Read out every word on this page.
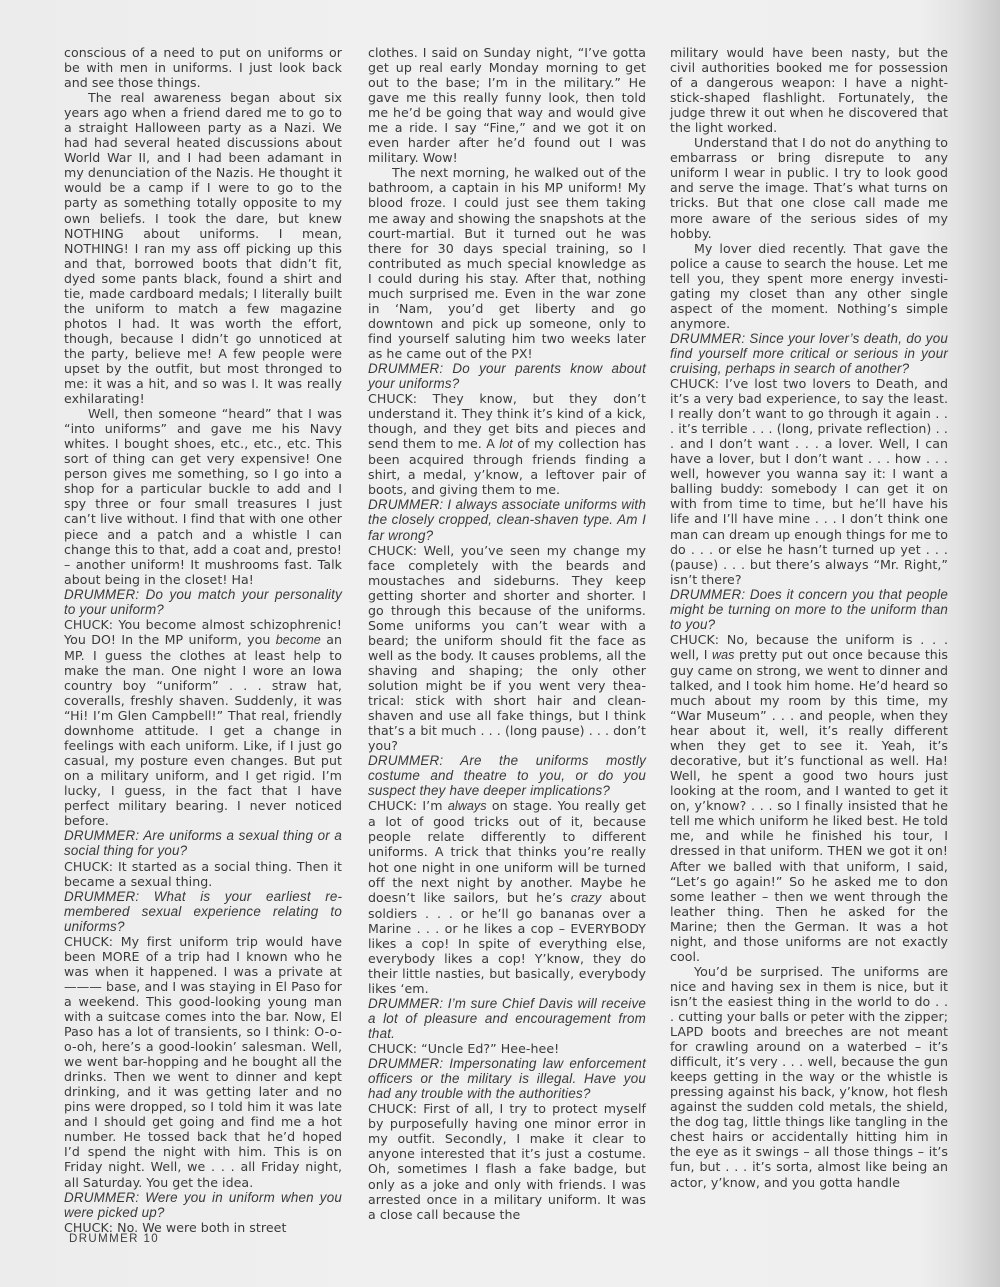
conscious of a need to put on uniforms or be with men in uniforms. I just look back and see those things.

The real awareness began about six years ago when a friend dared me to go to a straight Halloween party as a Nazi. We had had several heated discussions about World War II, and I had been adamant in my denunciation of the Nazis. He thought it would be a camp if I were to go to the party as something totally opposite to my own beliefs. I took the dare, but knew NOTHING about uniforms. I mean, NOTHING! I ran my ass off picking up this and that, borrowed boots that didn’t fit, dyed some pants black, found a shirt and tie, made cardboard medals; I literally built the uniform to match a few magazine photos I had. It was worth the effort, though, because I didn’t go unnoticed at the party, believe me! A few people were upset by the outfit, but most thronged to me: it was a hit, and so was I. It was really exhilarating!

Well, then someone “heard” that I was “into uniforms” and gave me his Navy whites. I bought shoes, etc., etc., etc. This sort of thing can get very expensive! One person gives me something, so I go into a shop for a particular buckle to add and I spy three or four small treasures I just can’t live without. I find that with one other piece and a patch and a whistle I can change this to that, add a coat and, presto! – another uniform! It mushrooms fast. Talk about being in the closet! Ha!

DRUMMER: Do you match your personality to your uniform?

CHUCK: You become almost schizophrenic! You DO! In the MP uniform, you become an MP. I guess the clothes at least help to make the man. One night I wore an Iowa country boy “uniform” . . . straw hat, coveralls, freshly shaven. Suddenly, it was “Hi! I’m Glen Campbell!” That real, friendly downhome attitude. I get a change in feelings with each uniform. Like, if I just go casual, my posture even changes. But put on a military uniform, and I get rigid. I’m lucky, I guess, in the fact that I have perfect military bearing. I never noticed before.

DRUMMER: Are uniforms a sexual thing or a social thing for you?

CHUCK: It started as a social thing. Then it became a sexual thing.

DRUMMER: What is your earliest remembered sexual experience relating to uniforms?

CHUCK: My first uniform trip would have been MORE of a trip had I known who he was when it happened. I was a private at ——— base, and I was staying in El Paso for a weekend. This good-looking young man with a suitcase comes into the bar. Now, El Paso has a lot of transients, so I think: O-o-o-oh, here’s a good-lookin’ salesman. Well, we went bar-hopping and he bought all the drinks. Then we went to dinner and kept drinking, and it was getting later and no pins were dropped, so I told him it was late and I should get going and find me a hot number. He tossed back that he’d hoped I’d spend the night with him. This is on Friday night. Well, we . . . all Friday night, all Saturday. You get the idea.

DRUMMER: Were you in uniform when you were picked up?

CHUCK: No. We were both in street

clothes. I said on Sunday night, “I’ve gotta get up real early Monday morning to get out to the base; I’m in the military.” He gave me this really funny look, then told me he’d be going that way and would give me a ride. I say “Fine,” and we got it on even harder after he’d found out I was military. Wow!

The next morning, he walked out of the bathroom, a captain in his MP uniform! My blood froze. I could just see them taking me away and showing the snapshots at the court-martial. But it turned out he was there for 30 days special training, so I contributed as much special knowledge as I could during his stay. After that, nothing much surprised me. Even in the war zone in ‘Nam, you’d get liberty and go downtown and pick up someone, only to find yourself saluting him two weeks later as he came out of the PX!

DRUMMER: Do your parents know about your uniforms?

CHUCK: They know, but they don’t understand it. They think it’s kind of a kick, though, and they get bits and pieces and send them to me. A lot of my collection has been acquired through friends finding a shirt, a medal, y’know, a leftover pair of boots, and giving them to me.

DRUMMER: I always associate uniforms with the closely cropped, clean-shaven type. Am I far wrong?

CHUCK: Well, you’ve seen my change my face completely with the beards and moustaches and sideburns. They keep getting shorter and shorter and shorter. I go through this because of the uniforms. Some uniforms you can’t wear with a beard; the uniform should fit the face as well as the body. It causes problems, all the shaving and shaping; the only other solution might be if you went very theatrical: stick with short hair and clean-shaven and use all fake things, but I think that’s a bit much . . . (long pause) . . . don’t you?

DRUMMER: Are the uniforms mostly costume and theatre to you, or do you suspect they have deeper implications?

CHUCK: I’m always on stage. You really get a lot of good tricks out of it, because people relate differently to different uniforms. A trick that thinks you’re really hot one night in one uniform will be turned off the next night by another. Maybe he doesn’t like sailors, but he’s crazy about soldiers . . . or he’ll go bananas over a Marine . . . or he likes a cop – EVERYBODY likes a cop! In spite of everything else, everybody likes a cop! Y’know, they do their little nasties, but basically, everybody likes ‘em.

DRUMMER: I’m sure Chief Davis will receive a lot of pleasure and encouragement from that.

CHUCK: “Uncle Ed?” Hee-hee!

DRUMMER: Impersonating law enforcement officers or the military is illegal. Have you had any trouble with the authorities?

CHUCK: First of all, I try to protect myself by purposefully having one minor error in my outfit. Secondly, I make it clear to anyone interested that it’s just a costume. Oh, sometimes I flash a fake badge, but only as a joke and only with friends. I was arrested once in a military uniform. It was a close call because the

military would have been nasty, but the civil authorities booked me for possession of a dangerous weapon: I have a nightstick-shaped flashlight. Fortunately, the judge threw it out when he discovered that the light worked.

Understand that I do not do anything to embarrass or bring disrepute to any uniform I wear in public. I try to look good and serve the image. That’s what turns on tricks. But that one close call made me more aware of the serious sides of my hobby.

My lover died recently. That gave the police a cause to search the house. Let me tell you, they spent more energy investigating my closet than any other single aspect of the moment. Nothing’s simple anymore.

DRUMMER: Since your lover’s death, do you find yourself more critical or serious in your cruising, perhaps in search of another?

CHUCK: I’ve lost two lovers to Death, and it’s a very bad experience, to say the least. I really don’t want to go through it again . . . it’s terrible . . . (long, private reflection) . . . and I don’t want . . . a lover. Well, I can have a lover, but I don’t want . . . how . . . well, however you wanna say it: I want a balling buddy: somebody I can get it on with from time to time, but he’ll have his life and I’ll have mine . . . I don’t think one man can dream up enough things for me to do . . . or else he hasn’t turned up yet . . . (pause) . . . but there’s always “Mr. Right,” isn’t there?

DRUMMER: Does it concern you that people might be turning on more to the uniform than to you?

CHUCK: No, because the uniform is . . . well, I was pretty put out once because this guy came on strong, we went to dinner and talked, and I took him home. He’d heard so much about my room by this time, my “War Museum” . . . and people, when they hear about it, well, it’s really different when they get to see it. Yeah, it’s decorative, but it’s functional as well. Ha! Well, he spent a good two hours just looking at the room, and I wanted to get it on, y’know? . . . so I finally insisted that he tell me which uniform he liked best. He told me, and while he finished his tour, I dressed in that uniform. THEN we got it on! After we balled with that uniform, I said, “Let’s go again!” So he asked me to don some leather – then we went through the leather thing. Then he asked for the Marine; then the German. It was a hot night, and those uniforms are not exactly cool.

You’d be surprised. The uniforms are nice and having sex in them is nice, but it isn’t the easiest thing in the world to do . . . cutting your balls or peter with the zipper; LAPD boots and breeches are not meant for crawling around on a waterbed – it’s difficult, it’s very . . . well, because the gun keeps getting in the way or the whistle is pressing against his back, y’know, hot flesh against the sudden cold metals, the shield, the dog tag, little things like tangling in the chest hairs or accidentally hitting him in the eye as it swings – all those things – it’s fun, but . . . it’s sorta, almost like being an actor, y’know, and you gotta handle

DRUMMER 10
